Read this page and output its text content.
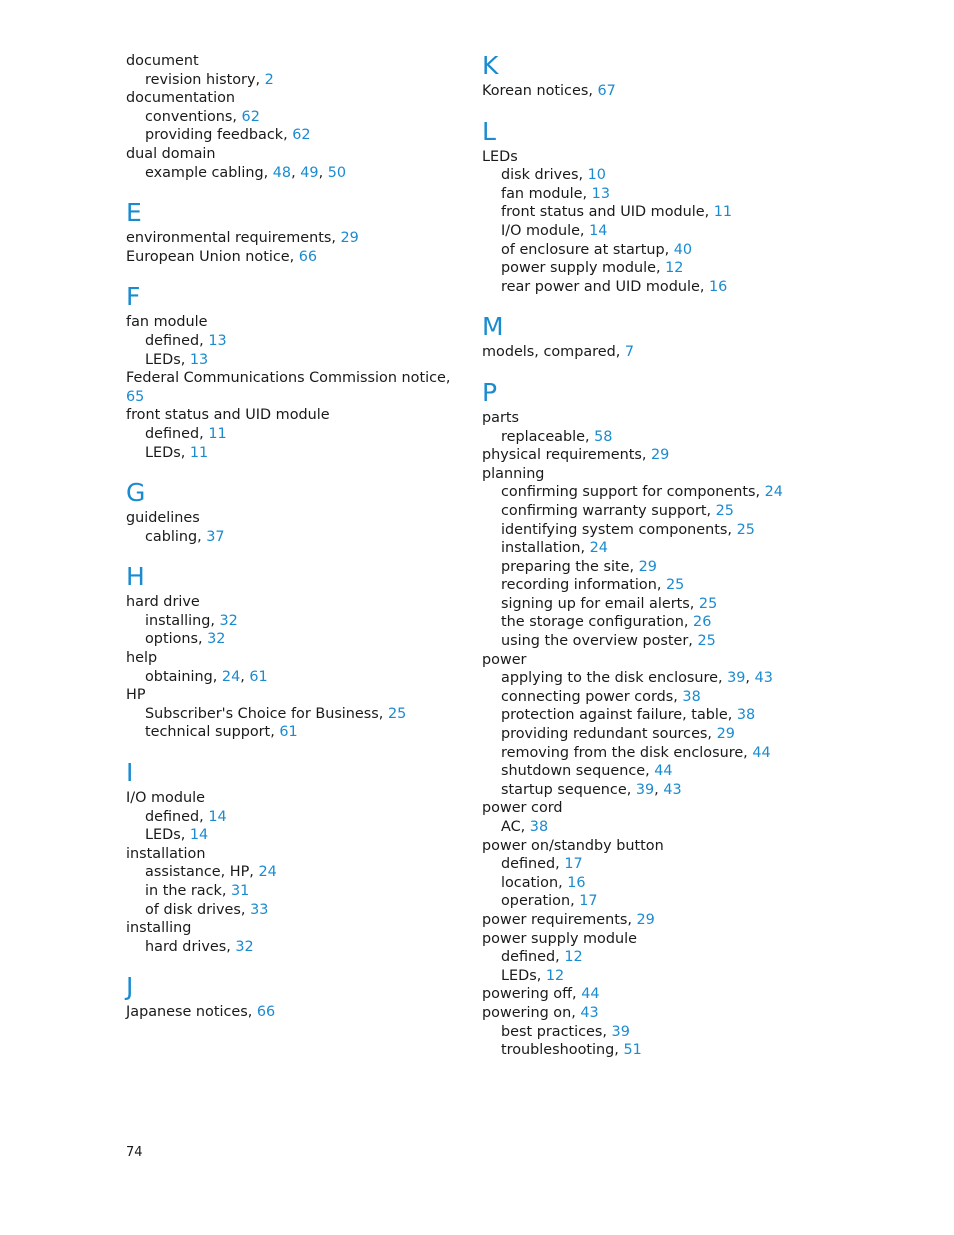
document
revision history, 2
documentation
conventions, 62
providing feedback, 62
dual domain
example cabling, 48, 49, 50
E
environmental requirements, 29
European Union notice, 66
F
fan module
defined, 13
LEDs, 13
Federal Communications Commission notice,
65
front status and UID module
defined, 11
LEDs, 11
G
guidelines
cabling, 37
H
hard drive
installing, 32
options, 32
help
obtaining, 24, 61
HP
Subscriber's Choice for Business, 25
technical support, 61
I
I/O module
defined, 14
LEDs, 14
installation
assistance, HP, 24
in the rack, 31
of disk drives, 33
installing
hard drives, 32
J
Japanese notices, 66
K
Korean notices, 67
L
LEDs
disk drives, 10
fan module, 13
front status and UID module, 11
I/O module, 14
of enclosure at startup, 40
power supply module, 12
rear power and UID module, 16
M
models, compared, 7
P
parts
replaceable, 58
physical requirements, 29
planning
confirming support for components, 24
confirming warranty support, 25
identifying system components, 25
installation, 24
preparing the site, 29
recording information, 25
signing up for email alerts, 25
the storage configuration, 26
using the overview poster, 25
power
applying to the disk enclosure, 39, 43
connecting power cords, 38
protection against failure, table, 38
providing redundant sources, 29
removing from the disk enclosure, 44
shutdown sequence, 44
startup sequence, 39, 43
power cord
AC, 38
power on/standby button
defined, 17
location, 16
operation, 17
power requirements, 29
power supply module
defined, 12
LEDs, 12
powering off, 44
powering on, 43
best practices, 39
troubleshooting, 51
74
